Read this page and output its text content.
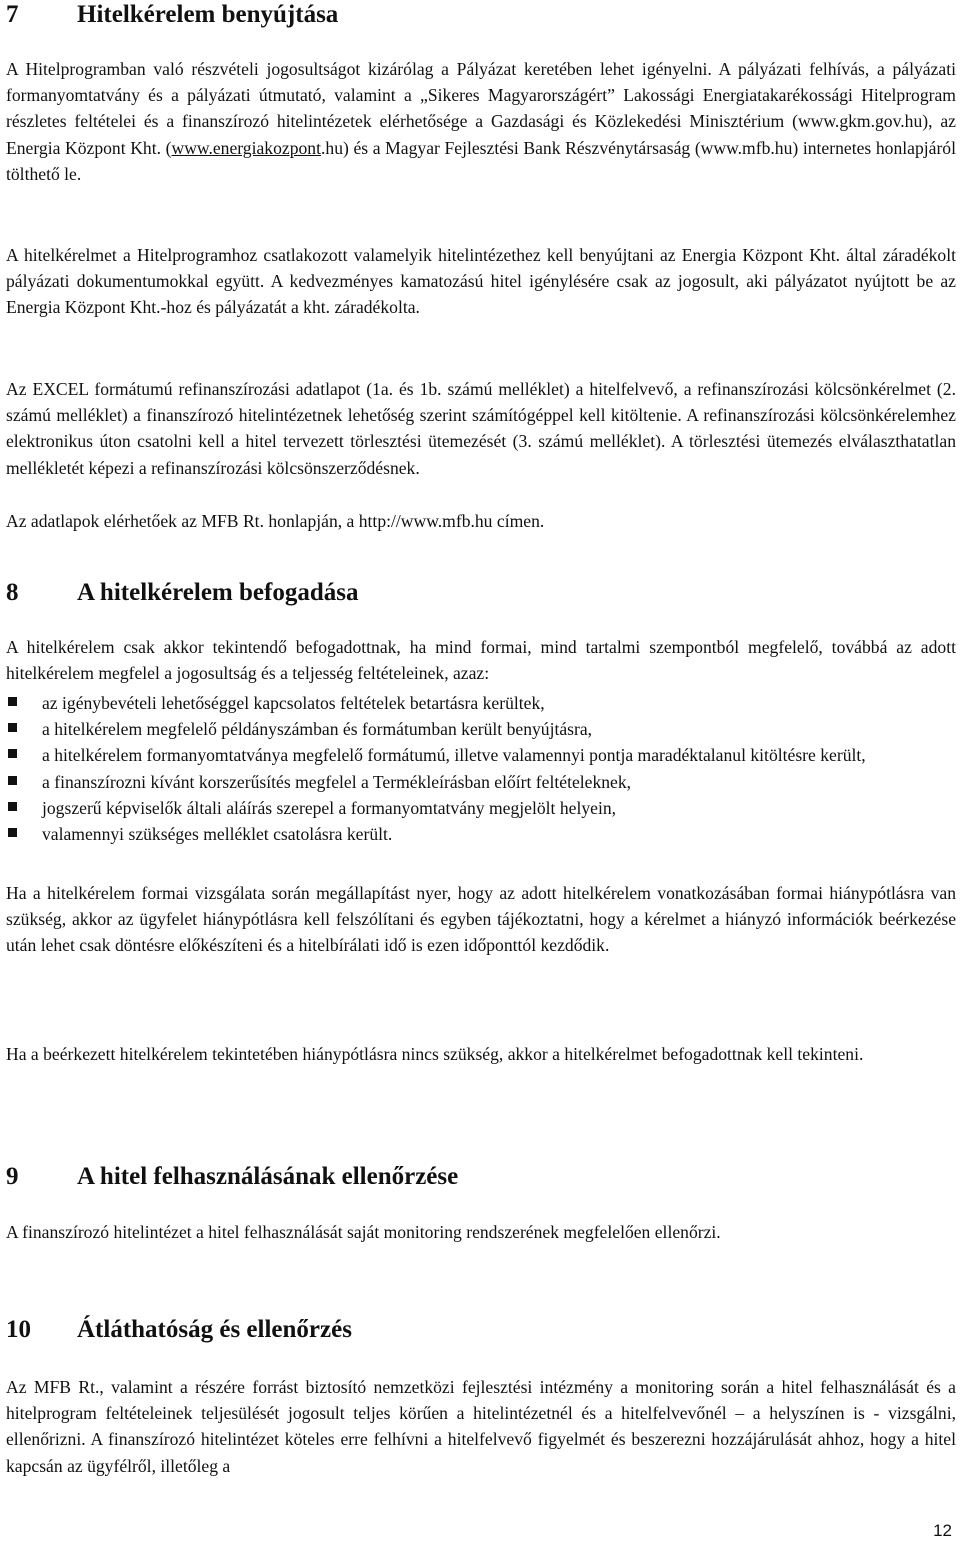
7	Hitelkérelem benyújtása

A Hitelprogramban való részvételi jogosultságot kizárólag a Pályázat keretében lehet igényelni. A pályázati felhívás, a pályázati formanyomtatvány és a pályázati útmutató, valamint a „Sikeres Magyarországért” Lakossági Energiatakarékossági Hitelprogram részletes feltételei és a finanszírozó hitelintézetek elérhetősége a Gazdasági és Közlekedési Minisztérium (www.gkm.gov.hu), az Energia Központ Kht. (www.energiakozpont.hu) és a Magyar Fejlesztési Bank Részvénytársaság (www.mfb.hu) internetes honlapjáról tölthető le.

A hitelkérelmet a Hitelprogramhoz csatlakozott valamelyik hitelintézethez kell benyújtani az Energia Központ Kht. által záradékolt pályázati dokumentumokkal együtt. A kedvezményes kamatozású hitel igénylésére csak az jogosult, aki pályázatot nyújtott be az Energia Központ Kht.-hoz és pályázatát a kht. záradékolta.

Az EXCEL formátumú refinanszírozási adatlapot (1a. és 1b. számú melléklet) a hitelfelvevő, a refinanszírozási kölcsönkérelmet (2. számú melléklet) a finanszírozó hitelintézetnek lehetőség szerint számítógéppel kell kitöltenie. A refinanszírozási kölcsönkérelemhez elektronikus úton csatolni kell a hitel tervezett törlesztési ütemezését (3. számú melléklet). A törlesztési ütemezés elválaszthatatlan mellékletét képezi a refinanszírozási kölcsönszerződésnek.

Az adatlapok elérhetőek az MFB Rt. honlapján, a http://www.mfb.hu címen.

8	A hitelkérelem befogadása

A hitelkérelem csak akkor tekintendő befogadottnak, ha mind formai, mind tartalmi szempontból megfelelő, továbbá az adott hitelkérelem megfelel a jogosultság és a teljesség feltételeinek, azaz:

az igénybevételi lehetőséggel kapcsolatos feltételek betartásra kerültek,
a hitelkérelem megfelelő példányszámban és formátumban került benyújtásra,
a hitelkérelem formanyomtatványa megfelelő formátumú, illetve valamennyi pontja maradéktalanul kitöltésre került,
a finanszírozni kívánt korszerűsítés megfelel a Termékleírásban előírt feltételeknek,
jogszerű képviselők általi aláírás szerepel a formanyomtatvány megjelölt helyein,
valamennyi szükséges melléklet csatolásra került.

Ha a hitelkérelem formai vizsgálata során megállapítást nyer, hogy az adott hitelkérelem vonatkozásában formai hiánypótlásra van szükség, akkor az ügyfelet hiánypótlásra kell felszólítani és egyben tájékoztatni, hogy a kérelmet a hiányzó információk beérkezése után lehet csak döntésre előkészíteni és a hitelbírálati idő is ezen időponttól kezdődik.

Ha a beérkezett hitelkérelem tekintetében hiánypótlásra nincs szükség, akkor a hitelkérelmet befogadottnak kell tekinteni.

9	A hitel felhasználásának ellenőrzése

A finanszírozó hitelintézet a hitel felhasználását saját monitoring rendszerének megfelelően ellenőrzi.

10	Átláthatóság és ellenőrzés

Az MFB Rt., valamint a részére forrást biztosító nemzetközi fejlesztési intézmény a monitoring során a hitel felhasználását és a hitelprogram feltételeinek teljesülését jogosult teljes körűen a hitelintézetnél és a hitelfelvevőnél – a helyszínen is - vizsgálni, ellenőrizni. A finanszírozó hitelintézet köteles erre felhívni a hitelfelvevő figyelmét és beszerezni hozzájárulását ahhoz, hogy a hitel kapcsán az ügyfélről, illetőleg a

12
